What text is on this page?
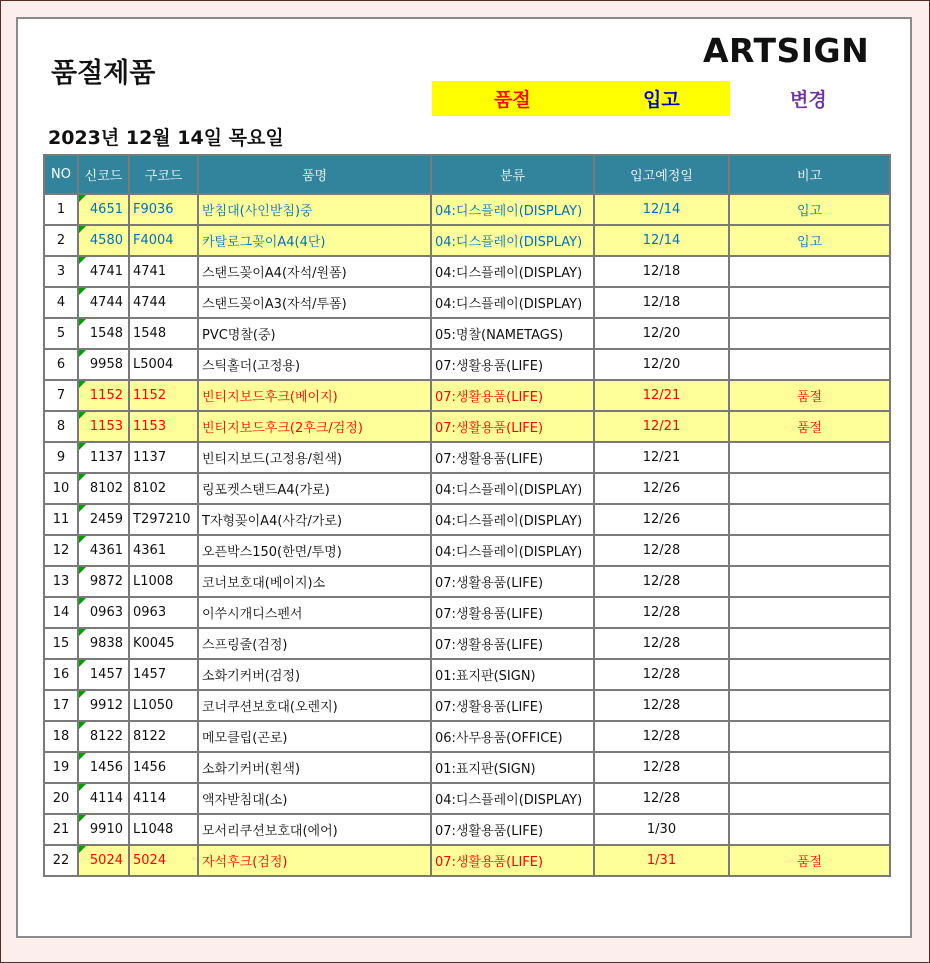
품절제품
ARTSIGN
품절	입고	변경
2023년 12월 14일 목요일
NO	신코드	구코드	품명	분류	입고예정일	비고
1	4651	F9036	받침대(사인받침)중	04:디스플레이(DISPLAY)	12/14	입고
2	4580	F4004	카탈로그꽂이A4(4단)	04:디스플레이(DISPLAY)	12/14	입고
3	4741	4741	스탠드꽂이A4(자석/원폼)	04:디스플레이(DISPLAY)	12/18	
4	4744	4744	스탠드꽂이A3(자석/투폼)	04:디스플레이(DISPLAY)	12/18	
5	1548	1548	PVC명찰(중)	05:명찰(NAMETAGS)	12/20	
6	9958	L5004	스틱홀더(고정용)	07:생활용품(LIFE)	12/20	
7	1152	1152	빈티지보드후크(베이지)	07:생활용품(LIFE)	12/21	품절
8	1153	1153	빈티지보드후크(2후크/검정)	07:생활용품(LIFE)	12/21	품절
9	1137	1137	빈티지보드(고정용/흰색)	07:생활용품(LIFE)	12/21	
10	8102	8102	링포켓스탠드A4(가로)	04:디스플레이(DISPLAY)	12/26	
11	2459	T297210	T자형꽂이A4(사각/가로)	04:디스플레이(DISPLAY)	12/26	
12	4361	4361	오픈박스150(한면/투명)	04:디스플레이(DISPLAY)	12/28	
13	9872	L1008	코너보호대(베이지)소	07:생활용품(LIFE)	12/28	
14	0963	0963	이쑤시개디스펜서	07:생활용품(LIFE)	12/28	
15	9838	K0045	스프링줄(검정)	07:생활용품(LIFE)	12/28	
16	1457	1457	소화기커버(검정)	01:표지판(SIGN)	12/28	
17	9912	L1050	코너쿠션보호대(오렌지)	07:생활용품(LIFE)	12/28	
18	8122	8122	메모클립(곤로)	06:사무용품(OFFICE)	12/28	
19	1456	1456	소화기커버(흰색)	01:표지판(SIGN)	12/28	
20	4114	4114	액자받침대(소)	04:디스플레이(DISPLAY)	12/28	
21	9910	L1048	모서리쿠션보호대(에어)	07:생활용품(LIFE)	1/30	
22	5024	5024	자석후크(검정)	07:생활용품(LIFE)	1/31	품절
